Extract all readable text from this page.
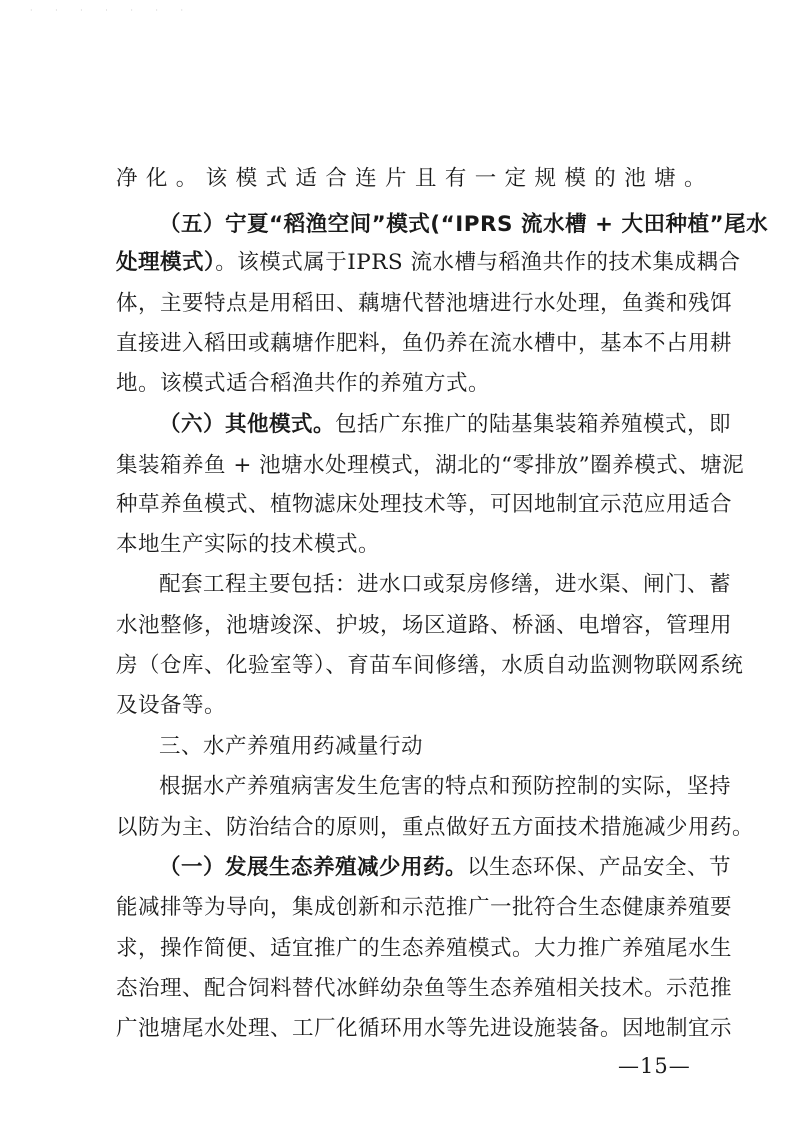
· · · · · · ·
净化。该模式适合连片且有一定规模的池塘。
（五）宁夏“稻渔空间”模式(“IPRS 流水槽 + 大田种植”尾水
处理模式）。该模式属于IPRS 流水槽与稻渔共作的技术集成耦合
体，主要特点是用稻田、藕塘代替池塘进行水处理，鱼粪和残饵
直接进入稻田或藕塘作肥料，鱼仍养在流水槽中，基本不占用耕
地。该模式适合稻渔共作的养殖方式。
（六）其他模式。包括广东推广的陆基集装箱养殖模式，即
集装箱养鱼 + 池塘水处理模式，湖北的“零排放”圈养模式、塘泥
种草养鱼模式、植物滤床处理技术等，可因地制宜示范应用适合
本地生产实际的技术模式。
配套工程主要包括：进水口或泵房修缮，进水渠、闸门、蓄
水池整修，池塘竣深、护坡，场区道路、桥涵、电增容，管理用
房（仓库、化验室等）、育苗车间修缮，水质自动监测物联网系统
及设备等。
三、水产养殖用药减量行动
根据水产养殖病害发生危害的特点和预防控制的实际，坚持
以防为主、防治结合的原则，重点做好五方面技术措施减少用药。
（一）发展生态养殖减少用药。以生态环保、产品安全、节
能减排等为导向，集成创新和示范推广一批符合生态健康养殖要
求，操作简便、适宜推广的生态养殖模式。大力推广养殖尾水生
态治理、配合饲料替代冰鲜幼杂鱼等生态养殖相关技术。示范推
广池塘尾水处理、工厂化循环用水等先进设施装备。因地制宜示
—15—
